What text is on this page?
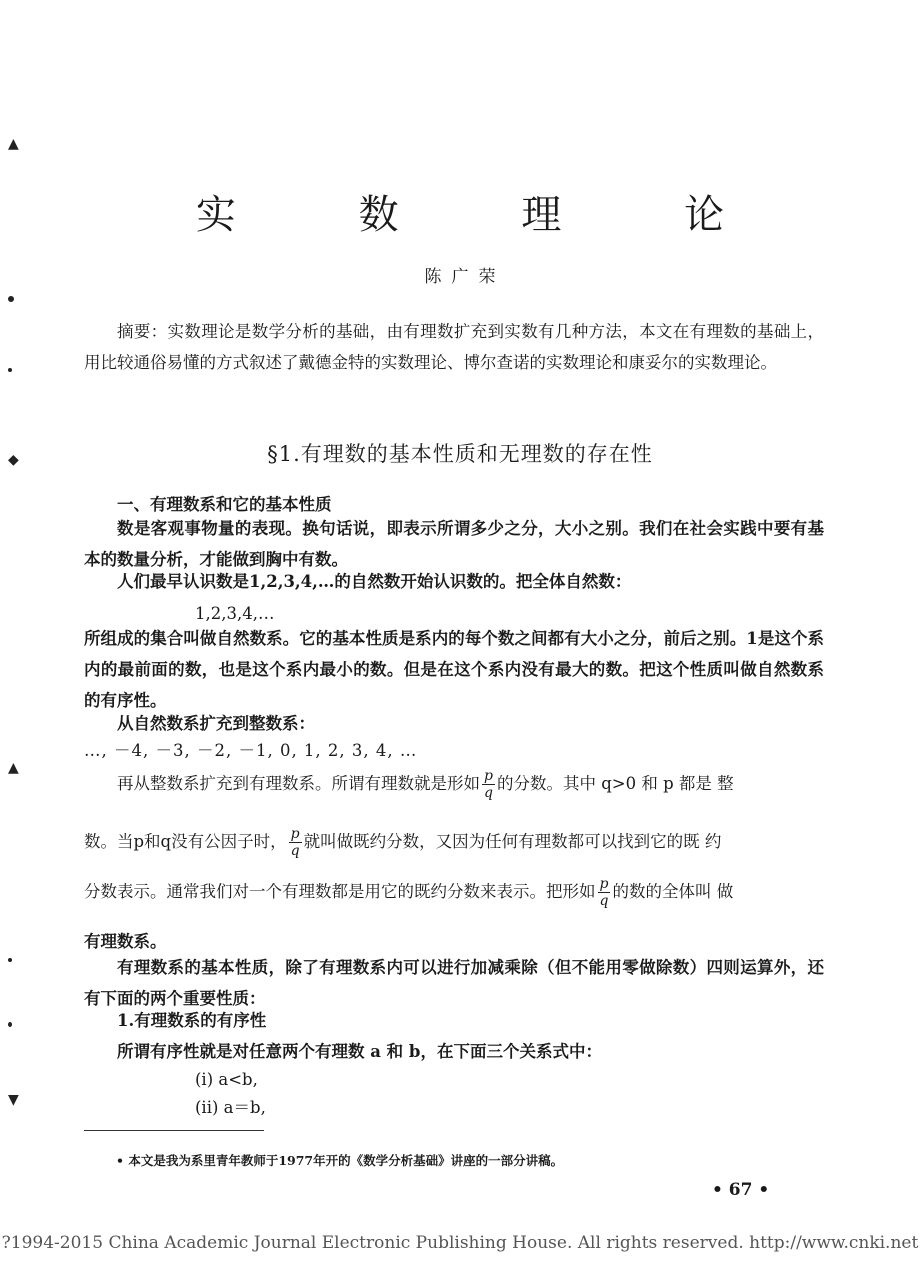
▲
◆
▲
▼
实 数 理 论
陈广荣
摘要：实数理论是数学分析的基础，由有理数扩充到实数有几种方法，本文在有理数的基础上，用比较通俗易懂的方式叙述了戴德金特的实数理论、博尔查诺的实数理论和康妥尔的实数理论。
§1.有理数的基本性质和无理数的存在性
一、有理数系和它的基本性质
数是客观事物量的表现。换句话说，即表示所谓多少之分，大小之别。我们在社会实践中要有基本的数量分析，才能做到胸中有数。
人们最早认识数是1,2,3,4,…的自然数开始认识数的。把全体自然数：
1,2,3,4,…
所组成的集合叫做自然数系。它的基本性质是系内的每个数之间都有大小之分，前后之别。1是这个系内的最前面的数，也是这个系内最小的数。但是在这个系内没有最大的数。把这个性质叫做自然数系的有序性。
从自然数系扩充到整数系：
…, －4, －3, －2, －1, 0, 1, 2, 3, 4, …
再从整数系扩充到有理数系。所谓有理数就是形如 $\frac{p}{q}$ 的分数。其中 q>0 和 p 都是 整
数。当p和q没有公因子时， $\frac{p}{q}$ 就叫做既约分数，又因为任何有理数都可以找到它的既 约
分数表示。通常我们对一个有理数都是用它的既约分数来表示。把形如 $\frac{p}{q}$ 的数的全体叫 做
有理数系。
有理数系的基本性质，除了有理数系内可以进行加减乘除（但不能用零做除数）四则运算外，还有下面的两个重要性质：
1.有理数系的有序性
所谓有序性就是对任意两个有理数 a 和 b，在下面三个关系式中：
(i) a<b,
(ii) a＝b,
• 本文是我为系里青年教师于1977年开的《数学分析基础》讲座的一部分讲稿。
• 67 •
?1994-2015 China Academic Journal Electronic Publishing House. All rights reserved. http://www.cnki.net
